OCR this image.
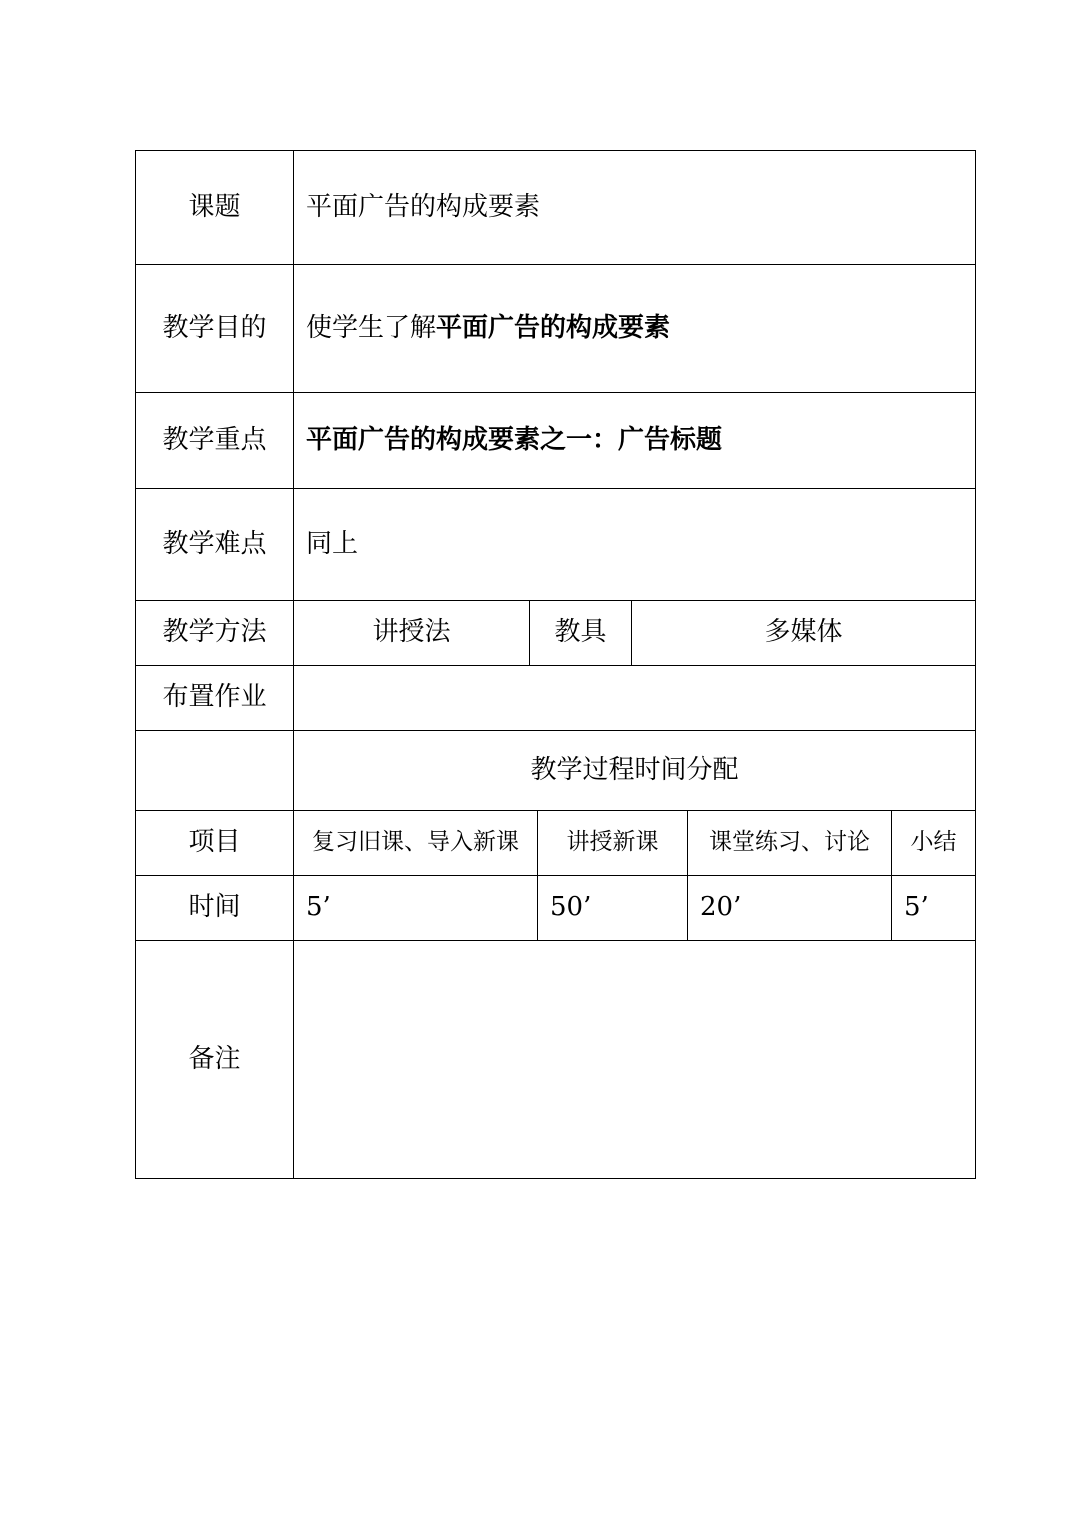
课题	平面广告的构成要素					
教学目的	使学生了解平面广告的构成要素					
教学重点	平面广告的构成要素之一：广告标题					
教学难点	同上					
教学方法	讲授法	教具		多媒体		
布置作业						
	教学过程时间分配					
项目	复习旧课、导入新课		讲授新课		课堂练习、讨论	小结
时间	5’		50’		20’	5’
备注						
